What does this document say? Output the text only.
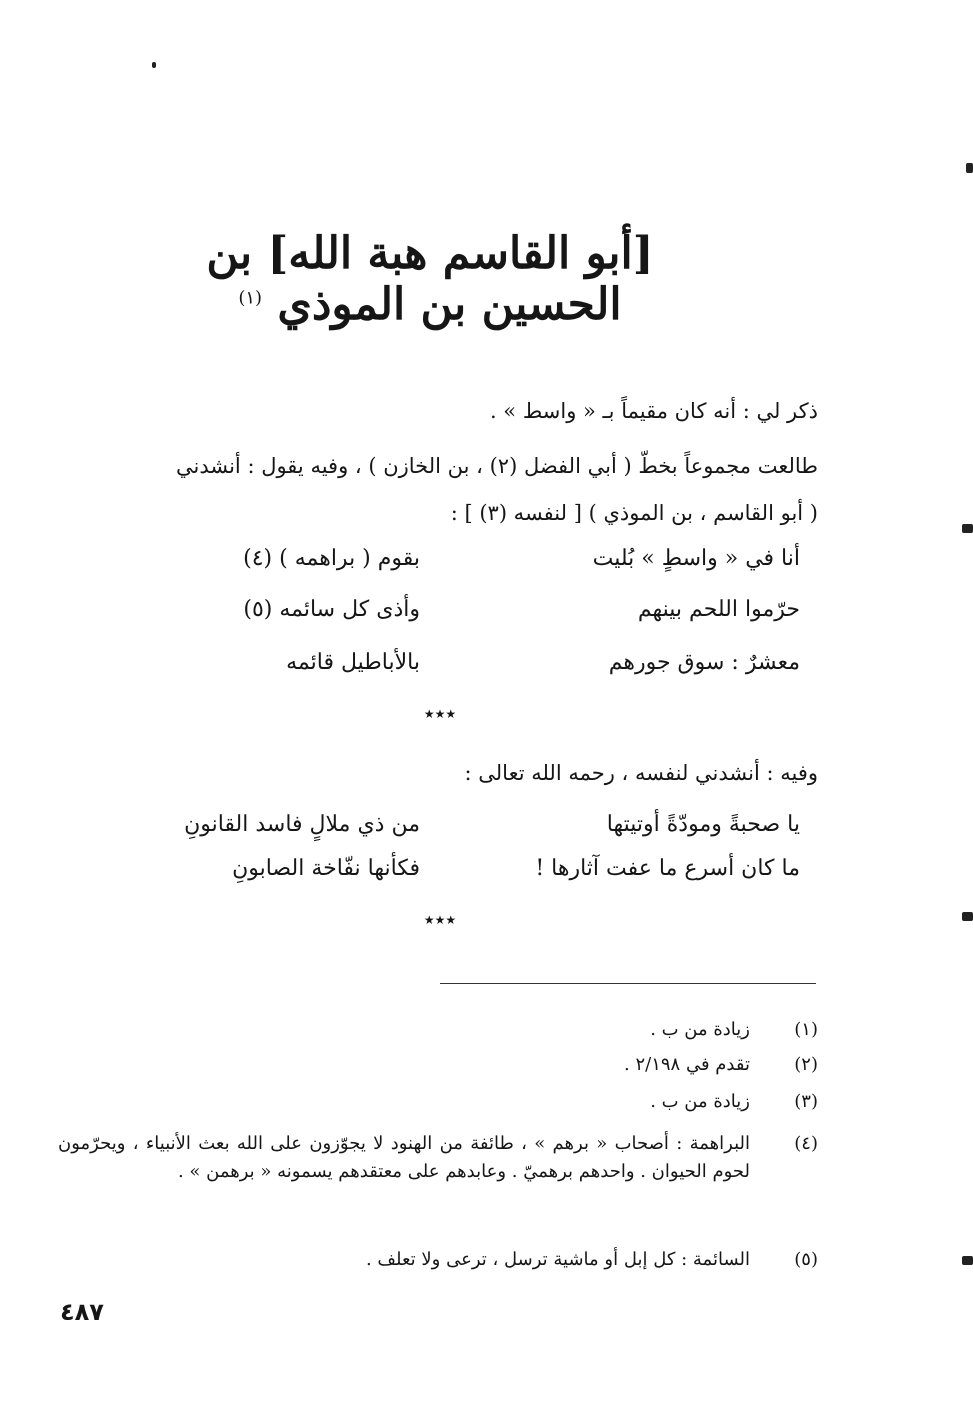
[أبو القاسم هبة الله] بن الحسين بن الموذي $^{(١)}$
ذكر لي : أنه كان مقيماً بـ « واسط » .
طالعت مجموعاً بخطّ ( أبي الفضل (٢) ، بن الخازن ) ، وفيه يقول : أنشدني
( أبو القاسم ، بن الموذي ) [ لنفسه (٣) ] :
أنا في « واسطٍ » بُليت
بقوم ( براهمه ) (٤)
حرّموا اللحم بينهم
وأذى كل سائمه (٥)
معشرٌ : سوق جورهم
بالأباطيل قائمه
★★★
وفيه : أنشدني لنفسه ، رحمه الله تعالى :
يا صحبةً ومودّةً أوتيتها
من ذي ملالٍ فاسد القانونِ
ما كان أسرع ما عفت آثارها !
فكأنها نفّاخة الصابونِ
★★★
(١)
زيادة من ب .
(٢)
تقدم في ٢/١٩٨ .
(٣)
زيادة من ب .
(٤)
البراهمة : أصحاب « برهم » ، طائفة من الهنود لا يجوّزون على الله بعث الأنبياء ، ويحرّمون لحوم الحيوان . واحدهم برهميّ . وعابدهم على معتقدهم يسمونه « برهمن » .
(٥)
السائمة : كل إبل أو ماشية ترسل ، ترعى ولا تعلف .
٤٨٧
